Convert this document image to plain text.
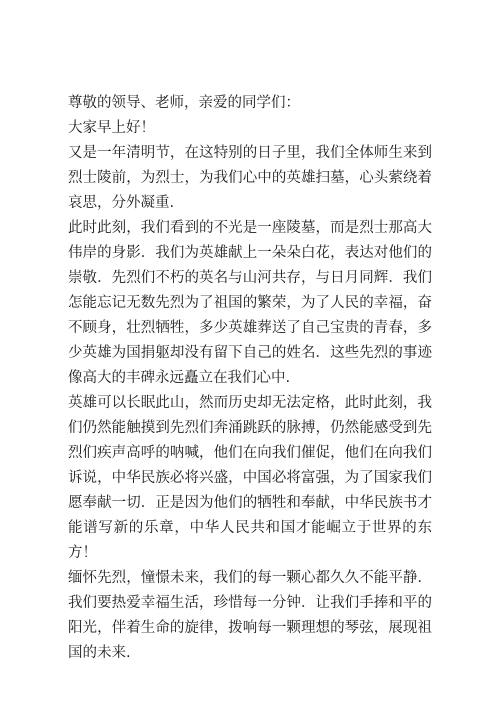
尊敬的领导、老师，亲爱的同学们：

大家早上好！

又是一年清明节，在这特别的日子里，我们全体师生来到烈士陵前，为烈士，为我们心中的英雄扫墓，心头萦绕着哀思，分外凝重.

此时此刻，我们看到的不光是一座陵墓，而是烈士那高大伟岸的身影．我们为英雄献上一朵朵白花，表达对他们的崇敬．先烈们不朽的英名与山河共存，与日月同辉．我们怎能忘记无数先烈为了祖国的繁荣，为了人民的幸福，奋不顾身，壮烈牺牲，多少英雄葬送了自己宝贵的青春，多少英雄为国捐躯却没有留下自己的姓名．这些先烈的事迹像高大的丰碑永远矗立在我们心中.

英雄可以长眠此山，然而历史却无法定格，此时此刻，我们仍然能触摸到先烈们奔涌跳跃的脉搏，仍然能感受到先烈们疾声高呼的呐喊，他们在向我们催促，他们在向我们诉说，中华民族必将兴盛，中国必将富强，为了国家我们愿奉献一切．正是因为他们的牺牲和奉献，中华民族书才能谱写新的乐章，中华人民共和国才能崛立于世界的东方！

缅怀先烈，憧憬未来，我们的每一颗心都久久不能平静．我们要热爱幸福生活，珍惜每一分钟．让我们手捧和平的阳光，伴着生命的旋律，拨响每一颗理想的琴弦，展现祖国的未来.
